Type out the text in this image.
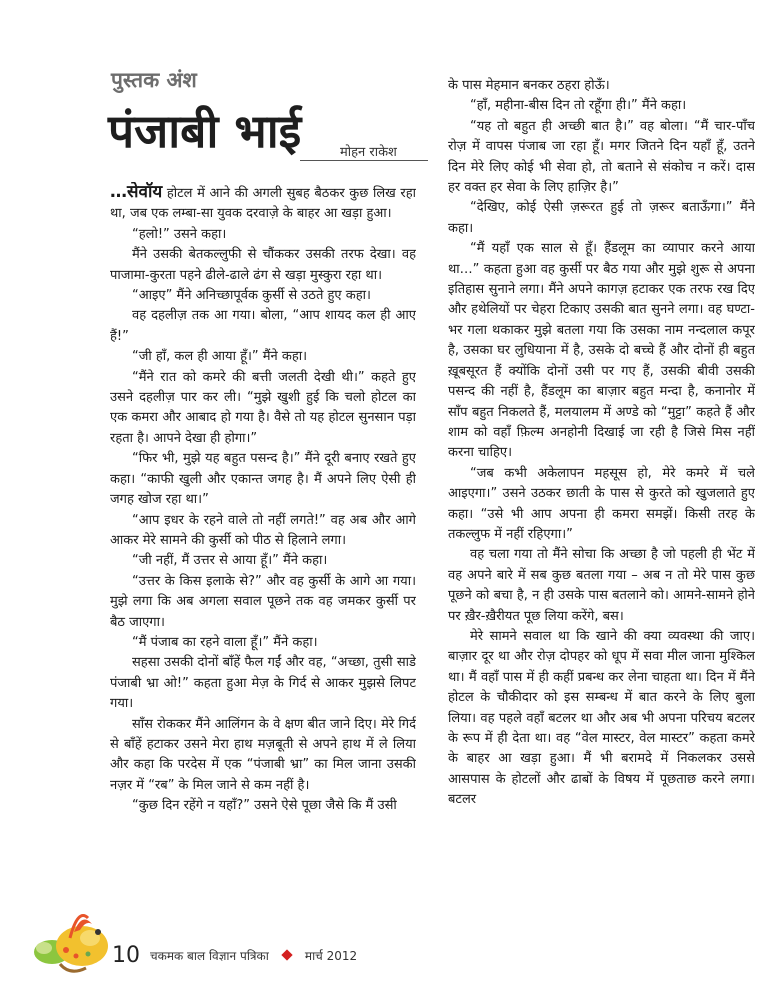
पुस्तक अंश
पंजाबी भाई	मोहन राकेश

…सेवॉय होटल में आने की अगली सुबह बैठकर कुछ लिख रहा था, जब एक लम्बा-सा युवक दरवाज़े के बाहर आ खड़ा हुआ।

“हलो!” उसने कहा।

मैंने उसकी बेतकल्लुफी से चौंककर उसकी तरफ देखा। वह पाजामा-कुरता पहने ढीले-ढाले ढंग से खड़ा मुस्कुरा रहा था।

“आइए” मैंने अनिच्छापूर्वक कुर्सी से उठते हुए कहा।

वह दहलीज़ तक आ गया। बोला, “आप शायद कल ही आए हैं!”

“जी हाँ, कल ही आया हूँ।” मैंने कहा।

“मैंने रात को कमरे की बत्ती जलती देखी थी।” कहते हुए उसने दहलीज़ पार कर ली। “मुझे खुशी हुई कि चलो होटल का एक कमरा और आबाद हो गया है। वैसे तो यह होटल सुनसान पड़ा रहता है। आपने देखा ही होगा।”

“फिर भी, मुझे यह बहुत पसन्द है।” मैंने दूरी बनाए रखते हुए कहा। “काफी खुली और एकान्त जगह है। मैं अपने लिए ऐसी ही जगह खोज रहा था।”

“आप इधर के रहने वाले तो नहीं लगते!” वह अब और आगे आकर मेरे सामने की कुर्सी को पीठ से हिलाने लगा।

“जी नहीं, मैं उत्तर से आया हूँ।” मैंने कहा।

“उत्तर के किस इलाके से?” और वह कुर्सी के आगे आ गया। मुझे लगा कि अब अगला सवाल पूछने तक वह जमकर कुर्सी पर बैठ जाएगा।

“मैं पंजाब का रहने वाला हूँ।” मैंने कहा।

सहसा उसकी दोनों बाँहें फैल गईं और वह, “अच्छा, तुसी साडे पंजाबी भ्रा ओ!” कहता हुआ मेज़ के गिर्द से आकर मुझसे लिपट गया।

साँस रोककर मैंने आलिंगन के वे क्षण बीत जाने दिए। मेरे गिर्द से बाँहें हटाकर उसने मेरा हाथ मज़बूती से अपने हाथ में ले लिया और कहा कि परदेस में एक “पंजाबी भ्रा” का मिल जाना उसकी नज़र में “रब” के मिल जाने से कम नहीं है।

“कुछ दिन रहेंगे न यहाँ?” उसने ऐसे पूछा जैसे कि मैं उसी

के पास मेहमान बनकर ठहरा होऊँ।

“हाँ, महीना-बीस दिन तो रहूँगा ही।” मैंने कहा।

“यह तो बहुत ही अच्छी बात है।” वह बोला। “मैं चार-पाँच रोज़ में वापस पंजाब जा रहा हूँ। मगर जितने दिन यहाँ हूँ, उतने दिन मेरे लिए कोई भी सेवा हो, तो बताने से संकोच न करें। दास हर वक्त हर सेवा के लिए हाज़िर है।”

“देखिए, कोई ऐसी ज़रूरत हुई तो ज़रूर बताऊँगा।” मैंने कहा।

“मैं यहाँ एक साल से हूँ। हैंडलूम का व्यापार करने आया था…” कहता हुआ वह कुर्सी पर बैठ गया और मुझे शुरू से अपना इतिहास सुनाने लगा। मैंने अपने कागज़ हटाकर एक तरफ रख दिए और हथेलियों पर चेहरा टिकाए उसकी बात सुनने लगा। वह घण्टा-भर गला थकाकर मुझे बतला गया कि उसका नाम नन्दलाल कपूर है, उसका घर लुधियाना में है, उसके दो बच्चे हैं और दोनों ही बहुत ख़ूबसूरत हैं क्योंकि दोनों उसी पर गए हैं, उसकी बीवी उसकी पसन्द की नहीं है, हैंडलूम का बाज़ार बहुत मन्दा है, कनानोर में साँप बहुत निकलते हैं, मलयालम में अण्डे को “मुट्टा” कहते हैं और शाम को वहाँ फ़िल्म अनहोनी दिखाई जा रही है जिसे मिस नहीं करना चाहिए।

“जब कभी अकेलापन महसूस हो, मेरे कमरे में चले आइएगा।” उसने उठकर छाती के पास से कुरते को खुजलाते हुए कहा। “उसे भी आप अपना ही कमरा समझें। किसी तरह के तकल्लुफ में नहीं रहिएगा।”

वह चला गया तो मैंने सोचा कि अच्छा है जो पहली ही भेंट में वह अपने बारे में सब कुछ बतला गया – अब न तो मेरे पास कुछ पूछने को बचा है, न ही उसके पास बतलाने को। आमने-सामने होने पर ख़ैर-ख़ैरीयत पूछ लिया करेंगे, बस।

मेरे सामने सवाल था कि खाने की क्या व्यवस्था की जाए। बाज़ार दूर था और रोज़ दोपहर को धूप में सवा मील जाना मुश्किल था। मैं वहाँ पास में ही कहीं प्रबन्ध कर लेना चाहता था। दिन में मैंने होटल के चौकीदार को इस सम्बन्ध में बात करने के लिए बुला लिया। वह पहले वहाँ बटलर था और अब भी अपना परिचय बटलर के रूप में ही देता था। वह “वेल मास्टर, वेल मास्टर” कहता कमरे के बाहर आ खड़ा हुआ। मैं भी बरामदे में निकलकर उससे आसपास के होटलों और ढाबों के विषय में पूछताछ करने लगा। बटलर

10 चकमक बाल विज्ञान पत्रिका	मार्च 2012
